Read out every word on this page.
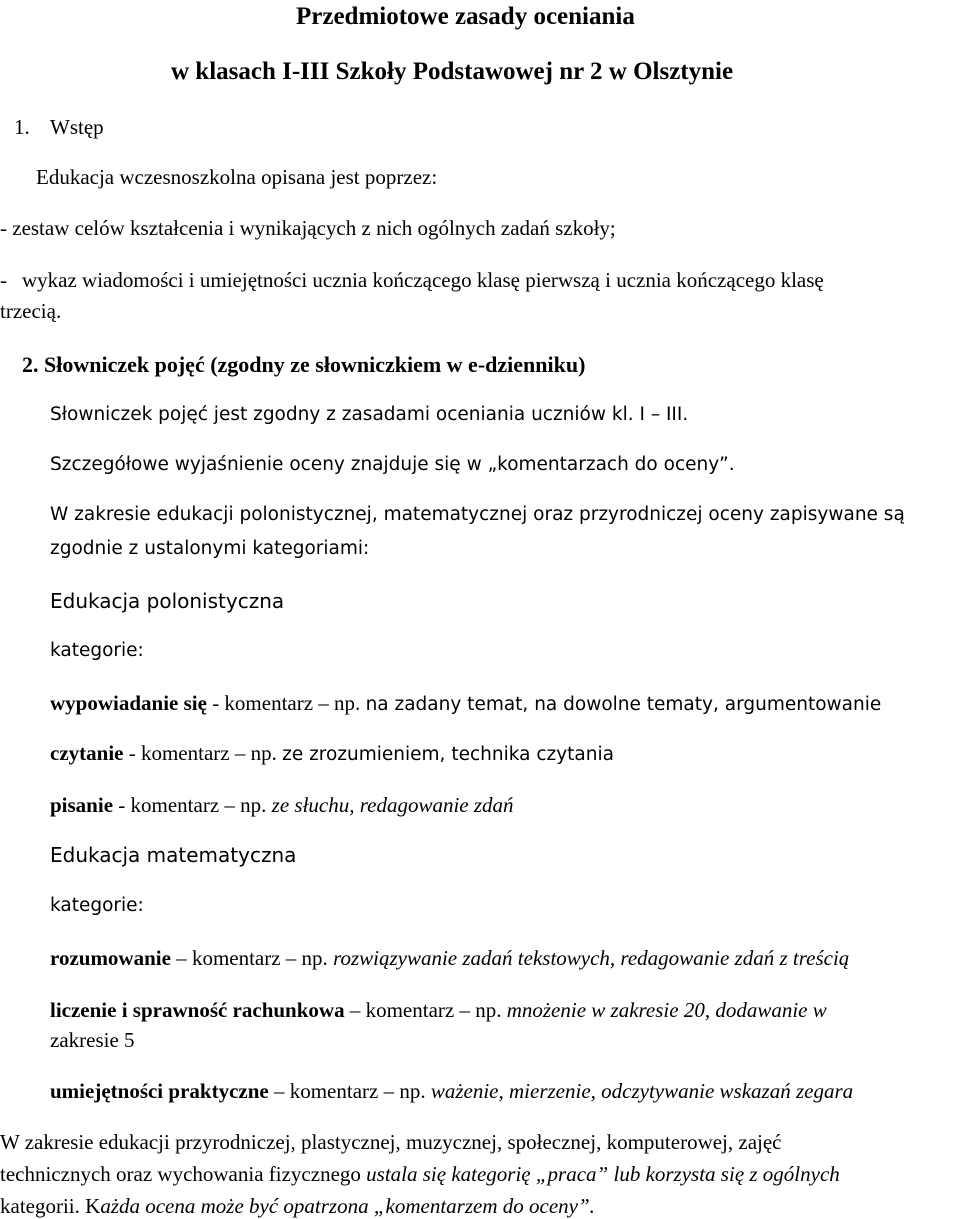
Przedmiotowe zasady oceniania
w klasach I-III Szkoły Podstawowej nr 2 w Olsztynie
1. Wstęp
Edukacja wczesnoszkolna opisana jest poprzez:
- zestaw celów kształcenia i wynikających z nich ogólnych zadań szkoły;
- wykaz wiadomości i umiejętności ucznia kończącego klasę pierwszą i ucznia kończącego klasę
trzecią.
2. Słowniczek pojęć (zgodny ze słowniczkiem w e-dzienniku)
Słowniczek pojęć jest zgodny z zasadami oceniania uczniów kl. I – III.
Szczegółowe wyjaśnienie oceny znajduje się w „komentarzach do oceny”.
W zakresie edukacji polonistycznej, matematycznej oraz przyrodniczej oceny zapisywane są
zgodnie z ustalonymi kategoriami:
Edukacja polonistyczna
kategorie:
wypowiadanie się - komentarz – np. na zadany temat, na dowolne tematy, argumentowanie
czytanie - komentarz – np. ze zrozumieniem, technika czytania
pisanie - komentarz – np. ze słuchu, redagowanie zdań
Edukacja matematyczna
kategorie:
rozumowanie – komentarz – np. rozwiązywanie zadań tekstowych, redagowanie zdań z treścią
liczenie i sprawność rachunkowa – komentarz – np. mnożenie w zakresie 20, dodawanie w
zakresie 5
umiejętności praktyczne – komentarz – np. ważenie, mierzenie, odczytywanie wskazań zegara
W zakresie edukacji przyrodniczej, plastycznej, muzycznej, społecznej, komputerowej, zajęć
technicznych oraz wychowania fizycznego ustala się kategorię „praca” lub korzysta się z ogólnych
kategorii. Każda ocena może być opatrzona „komentarzem do oceny”.
